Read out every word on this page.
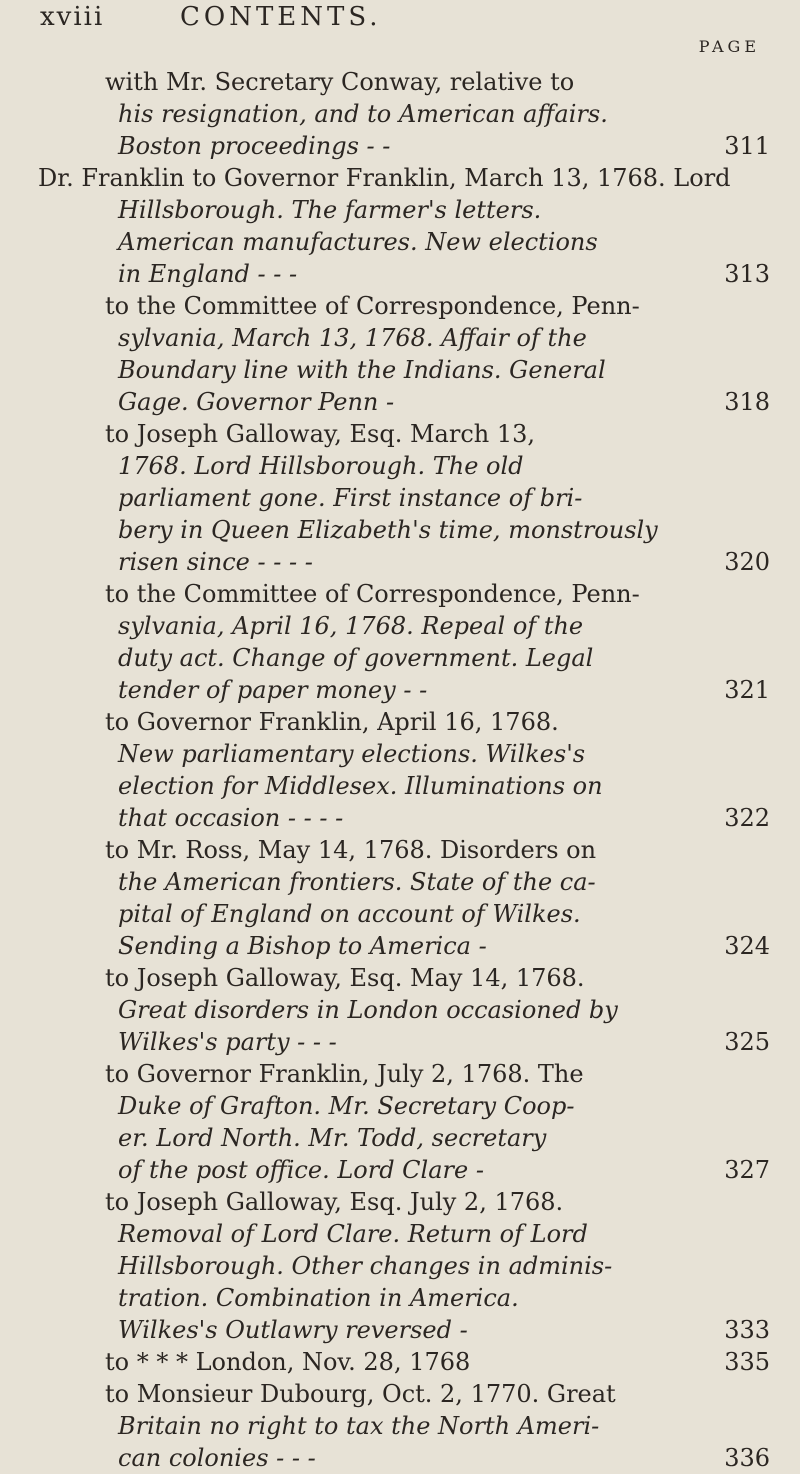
xviii	CONTENTS.
PAGE
with Mr. Secretary Conway, relative to
his resignation, and to American affairs.
Boston proceedings - -	311
Dr. Franklin to Governor Franklin, March 13, 1768. Lord
Hillsborough. The farmer's letters.
American manufactures. New elections
in England - - -	313
to the Committee of Correspondence, Penn-
sylvania, March 13, 1768. Affair of the
Boundary line with the Indians. General
Gage. Governor Penn -	318
to Joseph Galloway, Esq. March 13,
1768. Lord Hillsborough. The old
parliament gone. First instance of bri-
bery in Queen Elizabeth's time, monstrously
risen since - - - -	320
to the Committee of Correspondence, Penn-
sylvania, April 16, 1768. Repeal of the
duty act. Change of government. Legal
tender of paper money - -	321
to Governor Franklin, April 16, 1768.
New parliamentary elections. Wilkes's
election for Middlesex. Illuminations on
that occasion - - - -	322
to Mr. Ross, May 14, 1768. Disorders on
the American frontiers. State of the ca-
pital of England on account of Wilkes.
Sending a Bishop to America -	324
to Joseph Galloway, Esq. May 14, 1768.
Great disorders in London occasioned by
Wilkes's party - - -	325
to Governor Franklin, July 2, 1768. The
Duke of Grafton. Mr. Secretary Coop-
er. Lord North. Mr. Todd, secretary
of the post office. Lord Clare -	327
to Joseph Galloway, Esq. July 2, 1768.
Removal of Lord Clare. Return of Lord
Hillsborough. Other changes in adminis-
tration. Combination in America.
Wilkes's Outlawry reversed -	333
to * * * London, Nov. 28, 1768	335
to Monsieur Dubourg, Oct. 2, 1770. Great
Britain no right to tax the North Ameri-
can colonies - - -	336
